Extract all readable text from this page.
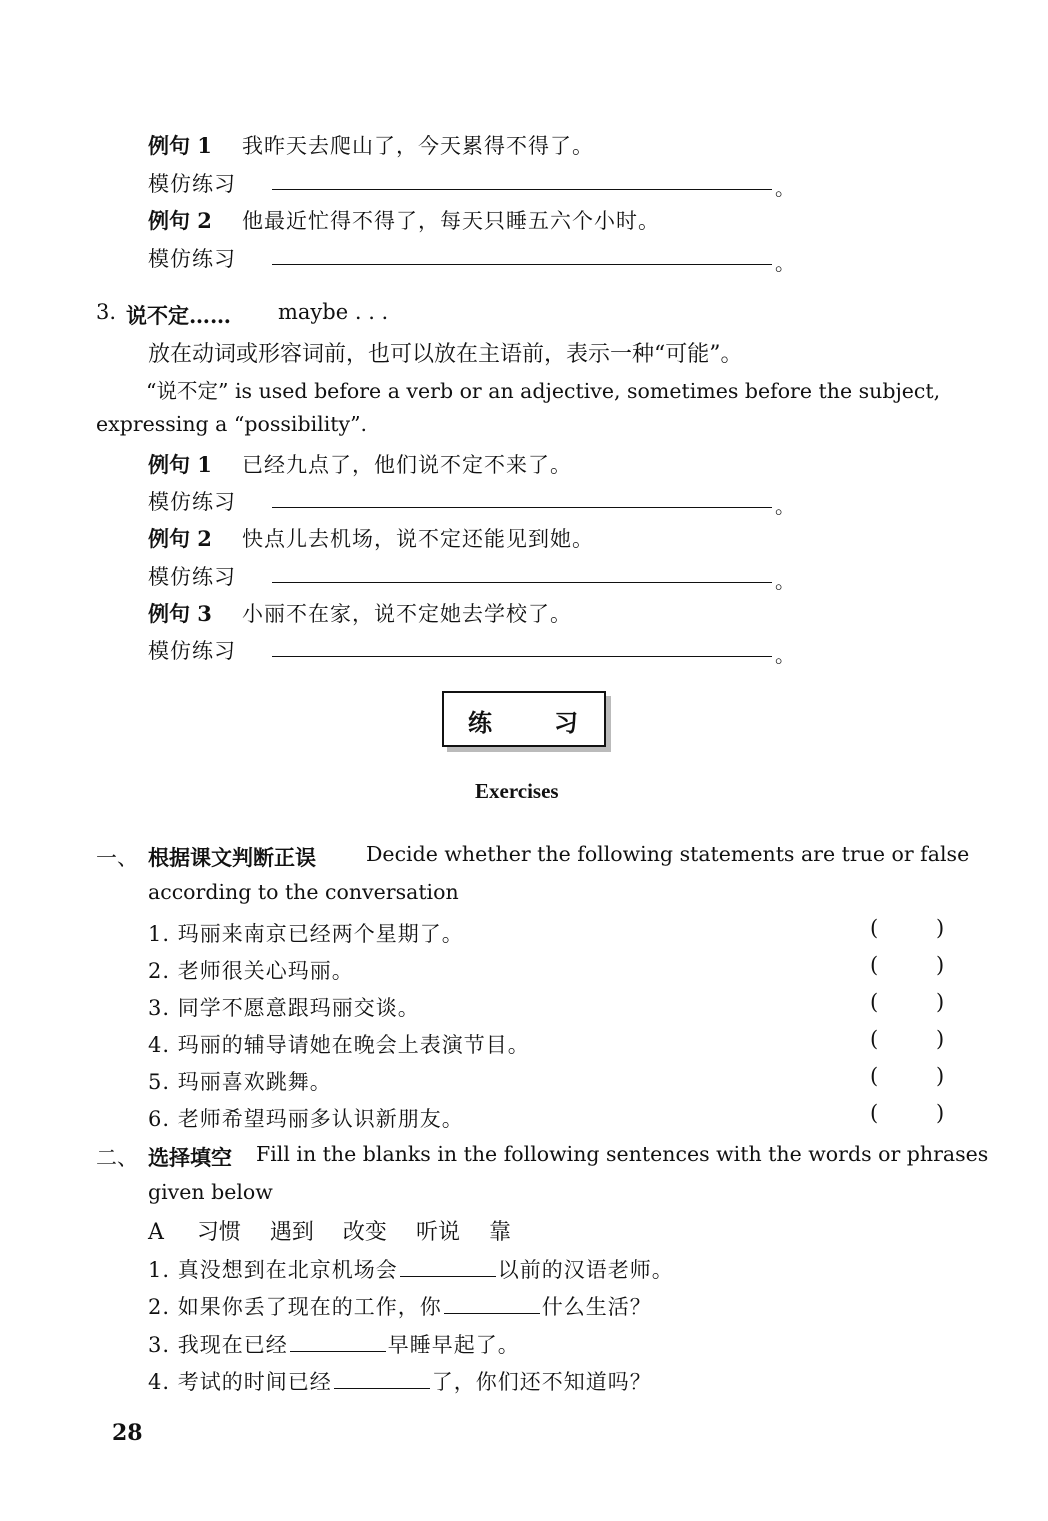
例句 1 我昨天去爬山了，今天累得不得了。
模仿练习	。
例句 2 他最近忙得不得了，每天只睡五六个小时。
模仿练习	。
3. 说不定…… maybe . . .
放在动词或形容词前，也可以放在主语前，表示一种“可能”。
“说不定” is used before a verb or an adjective, sometimes before the subject,
expressing a “possibility”.
例句 1 已经九点了，他们说不定不来了。
模仿练习	。
例句 2 快点儿去机场，说不定还能见到她。
模仿练习	。
例句 3 小丽不在家，说不定她去学校了。
模仿练习	。
练	习
Exercises
一、 根据课文判断正误 Decide whether the following statements are true or false
according to the conversation
1. 玛丽来南京已经两个星期了。	(	)
2. 老师很关心玛丽。	(	)
3. 同学不愿意跟玛丽交谈。	(	)
4. 玛丽的辅导请她在晚会上表演节目。	(	)
5. 玛丽喜欢跳舞。	(	)
6. 老师希望玛丽多认识新朋友。	(	)
二、 选择填空 Fill in the blanks in the following sentences with the words or phrases
given below
A 习惯 遇到 改变 听说 靠
1. 真没想到在北京机场会	以前的汉语老师。
2. 如果你丢了现在的工作，你	什么生活？
3. 我现在已经	早睡早起了。
4. 考试的时间已经	了，你们还不知道吗？
28
